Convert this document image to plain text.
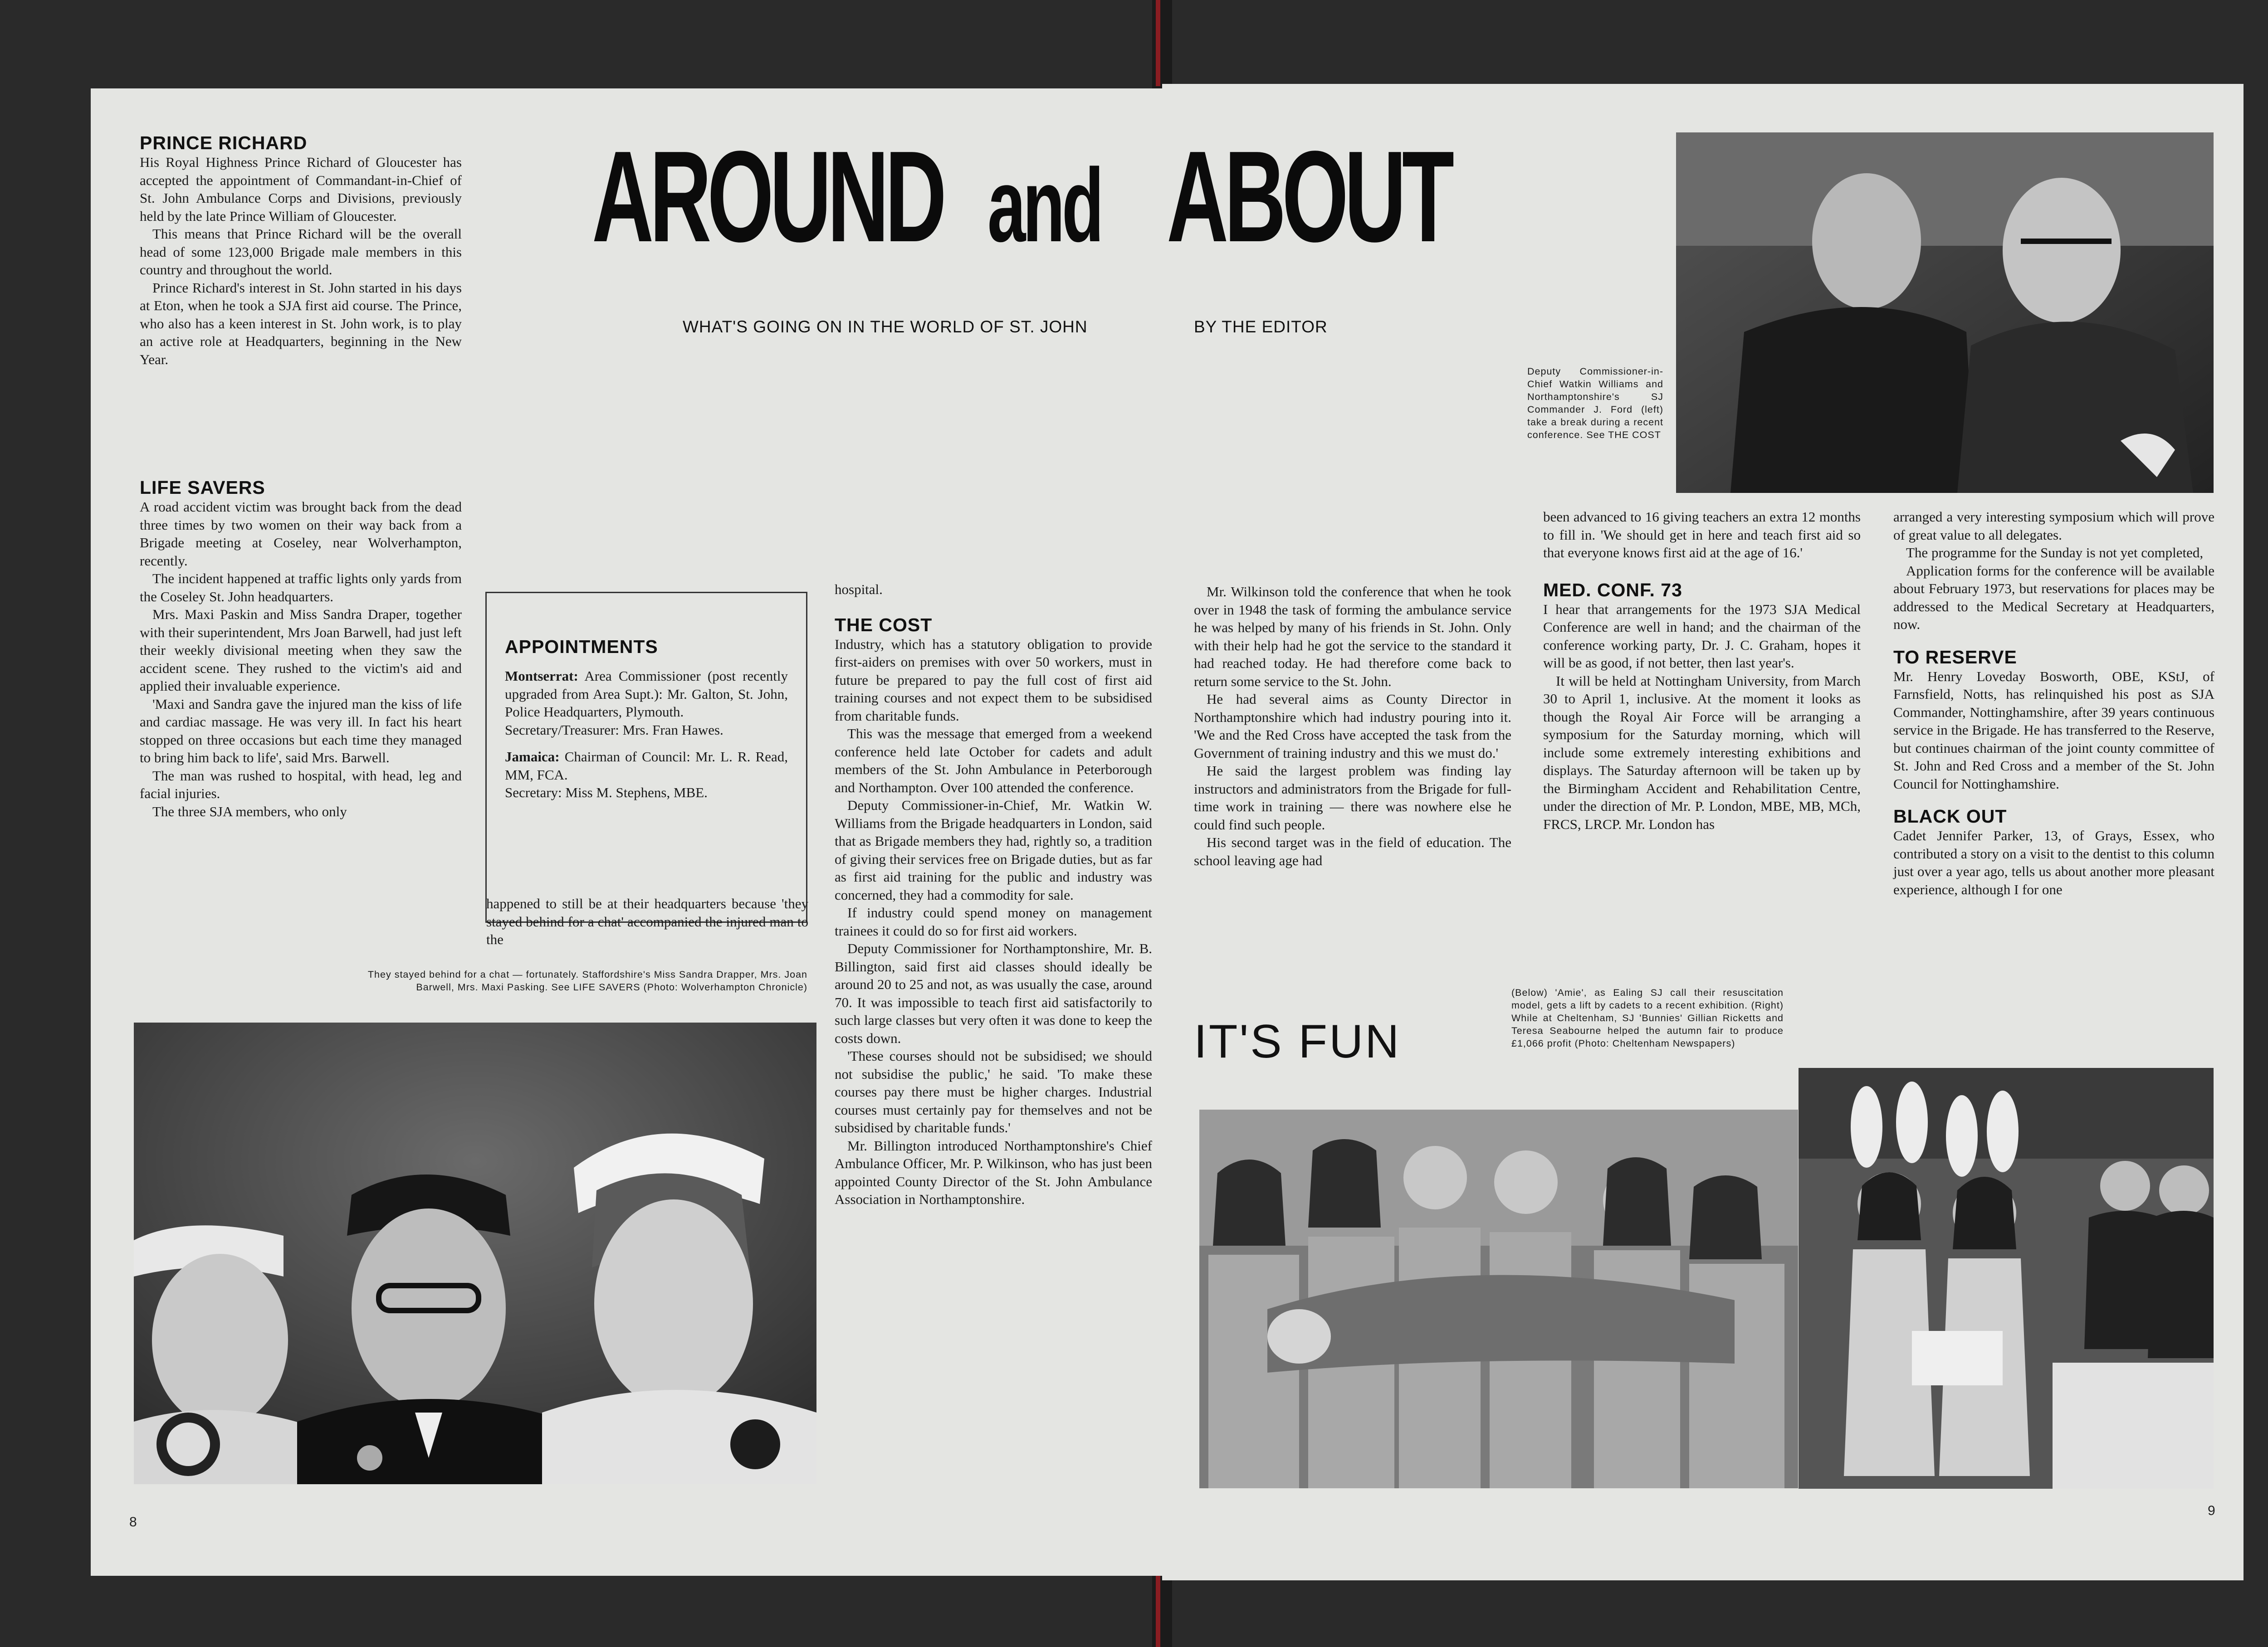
PRINCE RICHARD

His Royal Highness Prince Richard of Gloucester has accepted the appointment of Commandant-in-Chief of St. John Ambulance Corps and Divisions, previously held by the late Prince William of Gloucester.

This means that Prince Richard will be the overall head of some 123,000 Brigade male members in this country and throughout the world.

Prince Richard's interest in St. John started in his days at Eton, when he took a SJA first aid course. The Prince, who also has a keen interest in St. John work, is to play an active role at Headquarters, beginning in the New Year.

LIFE SAVERS

A road accident victim was brought back from the dead three times by two women on their way back from a Brigade meeting at Coseley, near Wolverhampton, recently.

The incident happened at traffic lights only yards from the Coseley St. John headquarters.

Mrs. Maxi Paskin and Miss Sandra Draper, together with their superintendent, Mrs Joan Barwell, had just left their weekly divisional meeting when they saw the accident scene. They rushed to the victim's aid and applied their invaluable experience.

'Maxi and Sandra gave the injured man the kiss of life and cardiac massage. He was very ill. In fact his heart stopped on three occasions but each time they managed to bring him back to life', said Mrs. Barwell.

The man was rushed to hospital, with head, leg and facial injuries.

The three SJA members, who only

AROUND and
WHAT'S GOING ON IN THE WORLD OF ST. JOHN
APPOINTMENTS

Montserrat: Area Commissioner (post recently upgraded from Area Supt.): Mr. Galton, St. John, Police Headquarters, Plymouth.

Secretary/Treasurer: Mrs. Fran Hawes.

Jamaica: Chairman of Council: Mr. L. R. Read, MM, FCA.

Secretary: Miss M. Stephens, MBE.

happened to still be at their headquarters because 'they stayed behind for a chat' accompanied the injured man to the

hospital.

THE COST

Industry, which has a statutory obligation to provide first-aiders on premises with over 50 workers, must in future be prepared to pay the full cost of first aid training courses and not expect them to be subsidised from charitable funds.

This was the message that emerged from a weekend conference held late October for cadets and adult members of the St. John Ambulance in Peterborough and Northampton. Over 100 attended the conference.

Deputy Commissioner-in-Chief, Mr. Watkin W. Williams from the Brigade headquarters in London, said that as Brigade members they had, rightly so, a tradition of giving their services free on Brigade duties, but as far as first aid training for the public and industry was concerned, they had a commodity for sale.

If industry could spend money on management trainees it could do so for first aid workers.

Deputy Commissioner for Northamptonshire, Mr. B. Billington, said first aid classes should ideally be around 20 to 25 and not, as was usually the case, around 70. It was impossible to teach first aid satisfactorily to such large classes but very often it was done to keep the costs down.

'These courses should not be subsidised; we should not subsidise the public,' he said. 'To make these courses pay there must be higher charges. Industrial courses must certainly pay for themselves and not be subsidised by charitable funds.'

Mr. Billington introduced Northamptonshire's Chief Ambulance Officer, Mr. P. Wilkinson, who has just been appointed County Director of the St. John Ambulance Association in Northamptonshire.

They stayed behind for a chat — fortunately. Staffordshire's Miss Sandra Drapper, Mrs. Joan Barwell, Mrs. Maxi Pasking. See LIFE SAVERS (Photo: Wolverhampton Chronicle)
8
ABOUT
BY THE EDITOR
Deputy Commissioner-in-Chief Watkin Williams and Northamptonshire's SJ Commander J. Ford (left) take a break during a recent conference. See THE COST

Mr. Wilkinson told the conference that when he took over in 1948 the task of forming the ambulance service he was helped by many of his friends in St. John. Only with their help had he got the service to the standard it had reached today. He had therefore come back to return some service to the St. John.

He had several aims as County Director in Northamptonshire which had industry pouring into it. 'We and the Red Cross have accepted the task from the Government of training industry and this we must do.'

He said the largest problem was finding lay instructors and administrators from the Brigade for full-time work in training — there was nowhere else he could find such people.

His second target was in the field of education. The school leaving age had

been advanced to 16 giving teachers an extra 12 months to fill in. 'We should get in here and teach first aid so that everyone knows first aid at the age of 16.'

MED. CONF. 73

I hear that arrangements for the 1973 SJA Medical Conference are well in hand; and the chairman of the conference working party, Dr. J. C. Graham, hopes it will be as good, if not better, then last year's.

It will be held at Nottingham University, from March 30 to April 1, inclusive. At the moment it looks as though the Royal Air Force will be arranging a symposium for the Saturday morning, which will include some extremely interesting exhibitions and displays. The Saturday afternoon will be taken up by the Birmingham Accident and Rehabilitation Centre, under the direction of Mr. P. London, MBE, MB, MCh, FRCS, LRCP. Mr. London has

arranged a very interesting symposium which will prove of great value to all delegates.

The programme for the Sunday is not yet completed,

Application forms for the conference will be available about February 1973, but reservations for places may be addressed to the Medical Secretary at Headquarters, now.

TO RESERVE

Mr. Henry Loveday Bosworth, OBE, KStJ, of Farnsfield, Notts, has relinquished his post as SJA Commander, Nottinghamshire, after 39 years continuous service in the Brigade. He has transferred to the Reserve, but continues chairman of the joint county committee of St. John and Red Cross and a member of the St. John Council for Nottinghamshire.

BLACK OUT

Cadet Jennifer Parker, 13, of Grays, Essex, who contributed a story on a visit to the dentist to this column just over a year ago, tells us about another more pleasant experience, although I for one

IT'S FUN
(Below) 'Amie', as Ealing SJ call their resuscitation model, gets a lift by cadets to a recent exhibition. (Right) While at Cheltenham, SJ 'Bunnies' Gillian Ricketts and Teresa Seabourne helped the autumn fair to produce £1,066 profit (Photo: Cheltenham Newspapers)
9
